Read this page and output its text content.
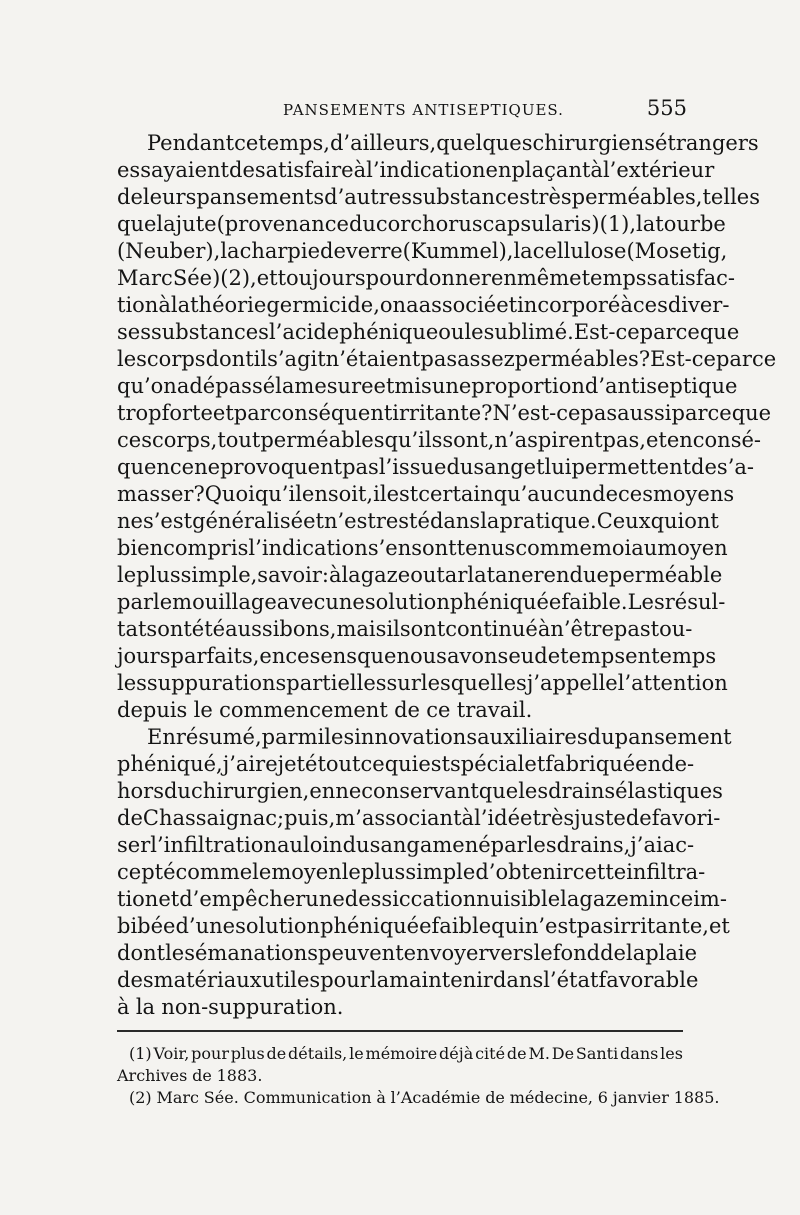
PANSEMENTS ANTISEPTIQUES.	555
Pendant ce temps, d’ailleurs, quelques chirurgiens étrangers
essayaient de satisfaire à l’indication en plaçant à l’extérieur
de leurs pansements d’autres substances très perméables, telles
que la jute (provenance du corchorus capsularis) (1), la tourbe
(Neuber), la charpie de verre (Kummel), la cellulose (Mosetig,
Marc Sée) (2), et toujours pour donner en même temps satisfac-
tion à la théorie germicide, on a associé et incorporé à ces diver-
ses substances l’acide phénique ou le sublimé. Est-ce parce que
les corps dont il s’agit n’étaient pas assez perméables ? Est-ce parce
qu’on a dépassé la mesure et mis une proportion d’antiseptique
trop forte et par conséquent irritante ? N’est-ce pas aussi parce que
ces corps, tout perméables qu’ils sont, n’aspirent pas, et en consé-
quence ne provoquent pas l’issue du sang et lui permettent de s’a-
masser ? Quoi qu’il en soit, il est certain qu’aucun de ces moyens
ne s’est généralisé et n’est resté dans la pratique. Ceux qui ont
bien compris l’indication s’en sont tenus comme moi au moyen
le plus simple, savoir : à la gaze ou tarlatane rendue perméable
par le mouillage avec une solution phéniquée faible. Les résul-
tats ont été aussi bons, mais ils ont continué à n’être pas tou-
jours parfaits, en ce sens que nous avons eu de temps en temps
les suppurations partielles sur lesquelles j’appelle l’attention
depuis le commencement de ce travail.
En résumé, parmi les innovations auxiliaires du pansement
phéniqué, j’ai rejeté tout ce qui est spécial et fabriqué en de-
hors du chirurgien, en ne conservant que les drains élastiques
de Chassaignac; puis, m’associant à l’idée très juste de favori-
ser l’infiltration au loin du sang amené par les drains, j’ai ac-
cepté comme le moyen le plus simple d’obtenir cette infiltra-
tion et d’empêcher une dessiccation nuisible la gaze mince im-
bibée d’une solution phéniquée faible qui n’est pas irritante, et
dont les émanations peuvent envoyer vers le fond de la plaie
des matériaux utiles pour la maintenir dans l’état favorable
à la non-suppuration.
(1) Voir, pour plus de détails, le mémoire déjà cité de M. De Santi dans les
Archives de 1883.
(2) Marc Sée. Communication à l’Académie de médecine, 6 janvier 1885.
